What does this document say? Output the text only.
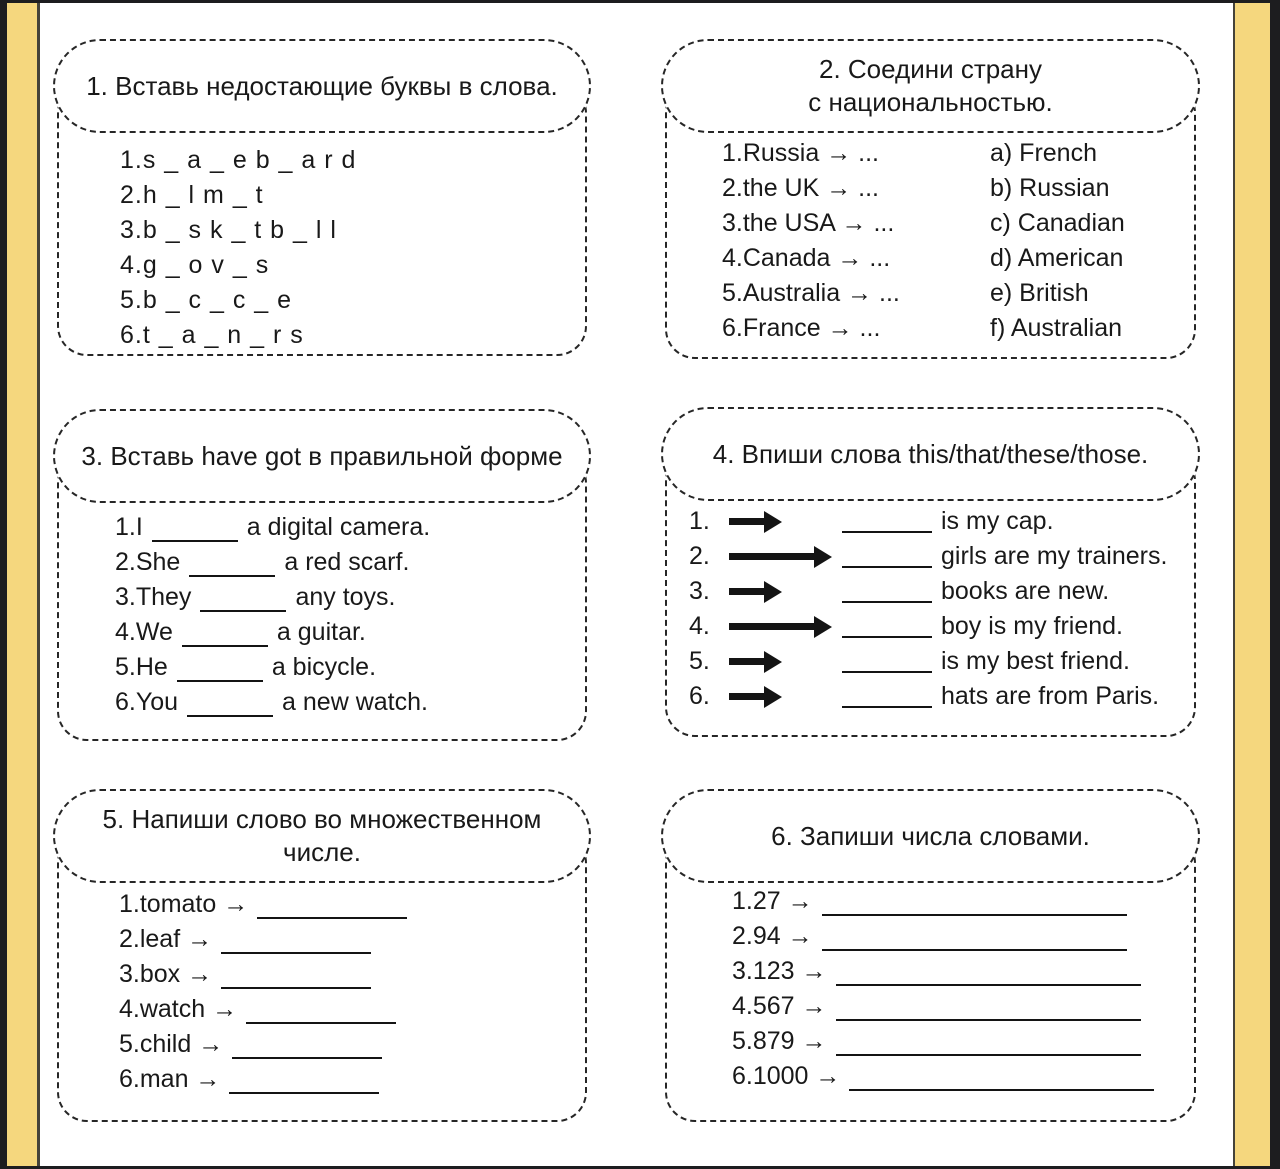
1. Вставь недостающие буквы в слова.
1.s _ a _ e b _ a r d
2.h _ l m _ t
3.b _ s k _ t b _ l l
4.g _ o v _ s
5.b _ c _ c _ e
6.t _ a _ n _ r s
2. Соедини страну
с национальностью.
1.Russia → ...	a) French
2.the UK → ...	b) Russian
3.the USA → ...	c) Canadian
4.Canada → ...	d) American
5.Australia → ...	e) British
6.France → ...	f) Australian
3. Вставь have got в правильной форме
1.I	a digital camera.
2.She	a red scarf.
3.They	any toys.
4.We	a guitar.
5.He	a bicycle.
6.You	a new watch.
4. Впиши слова this/that/these/those.
1.	is my cap.
2.	girls are my trainers.
3.	books are new.
4.	boy is my friend.
5.	is my best friend.
6.	hats are from Paris.
5. Напиши слово во множественном
числе.
1.tomato →
2.leaf →
3.box →
4.watch →
5.child →
6.man →
6. Запиши числа словами.
1.27 →
2.94 →
3.123 →
4.567 →
5.879 →
6.1000 →
